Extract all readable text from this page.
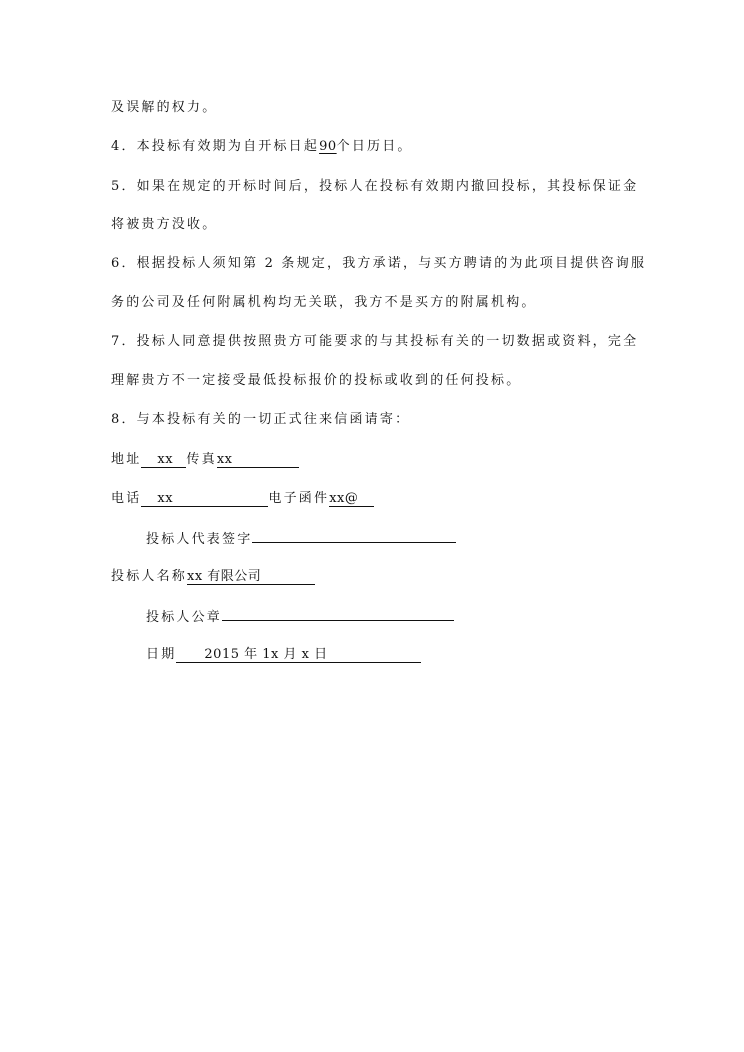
及误解的权力。
4．本投标有效期为自开标日起90个日历日。
5．如果在规定的开标时间后，投标人在投标有效期内撤回投标，其投标保证金
将被贵方没收。
6．根据投标人须知第 2 条规定，我方承诺，与买方聘请的为此项目提供咨询服
务的公司及任何附属机构均无关联，我方不是买方的附属机构。
7．投标人同意提供按照贵方可能要求的与其投标有关的一切数据或资料，完全
理解贵方不一定接受最低投标报价的投标或收到的任何投标。
8．与本投标有关的一切正式往来信函请寄：
地址 xx 传真xx
电话 xx	电子函件xx@
投标人代表签字
投标人名称xx 有限公司
投标人公章
日期 2015 年 1x 月 x 日
